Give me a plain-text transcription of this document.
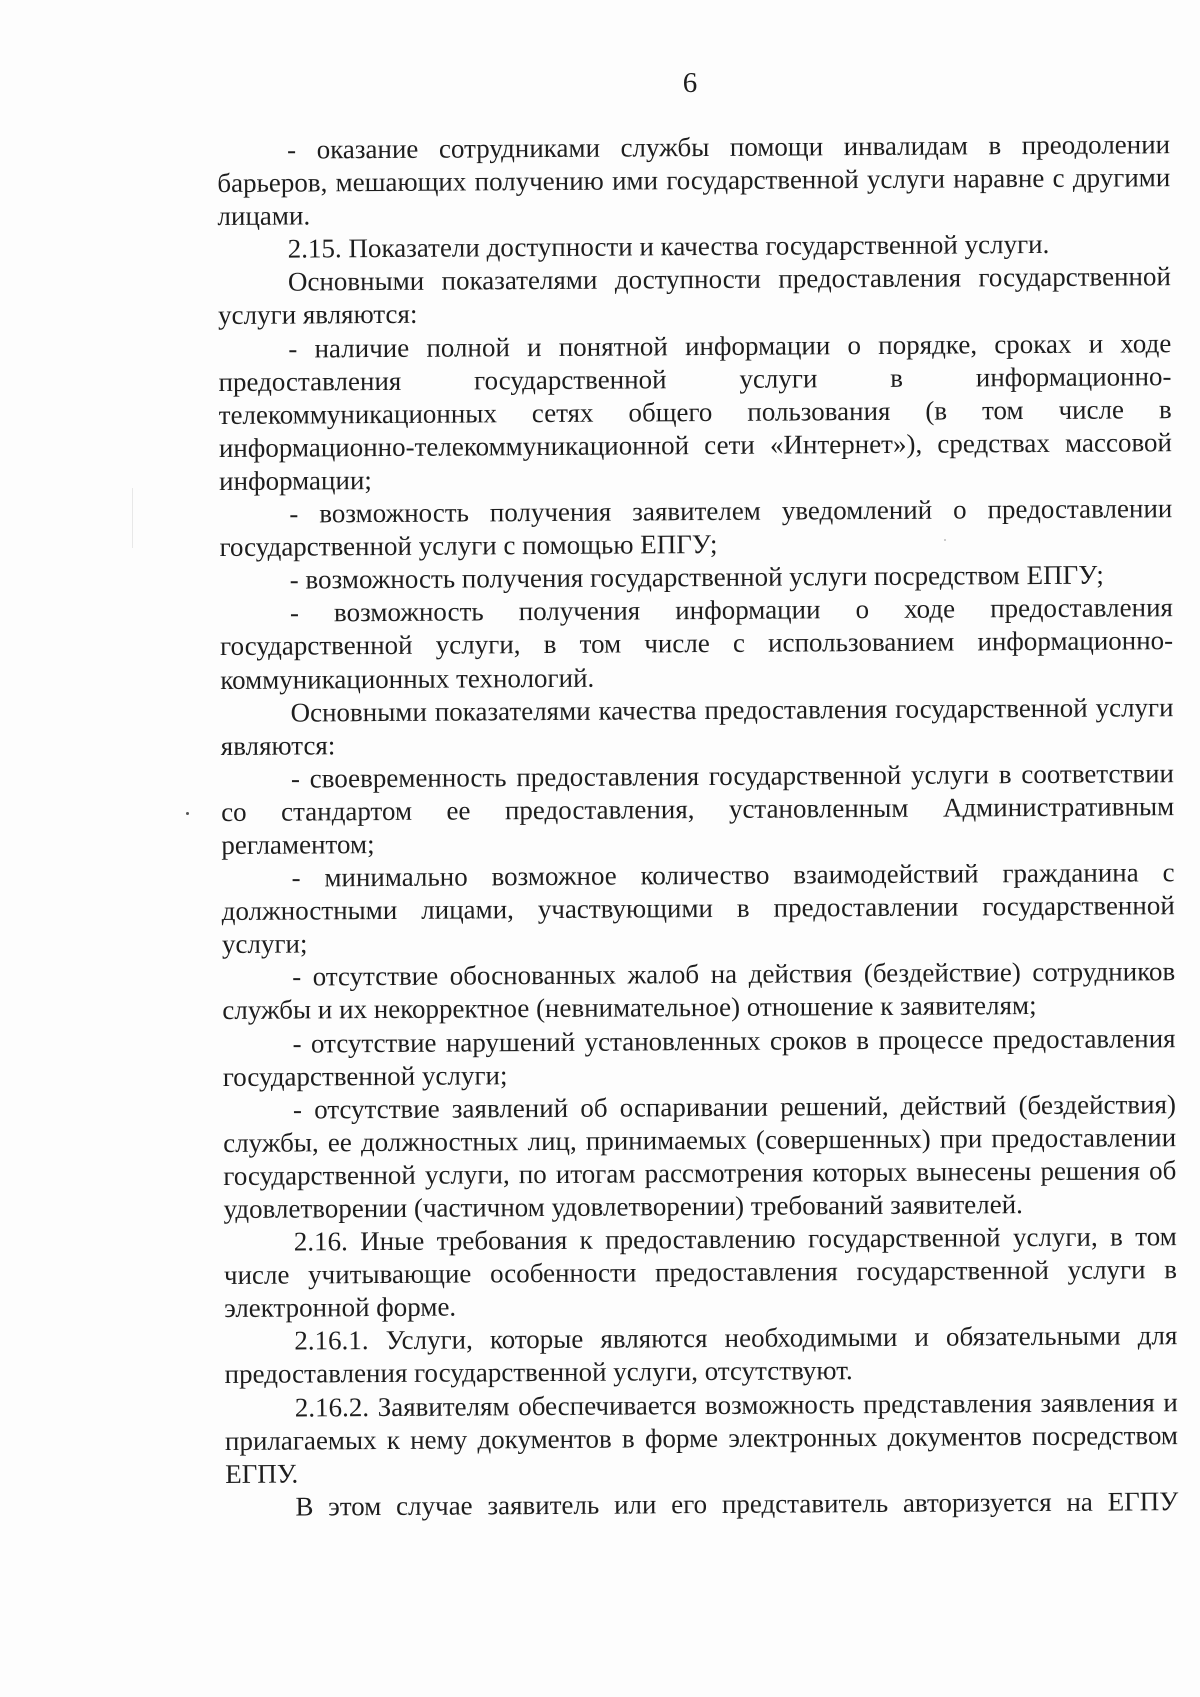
6

- оказание сотрудниками службы помощи инвалидам в преодолении барьеров, мешающих получению ими государственной услуги наравне с другими лицами.

2.15. Показатели доступности и качества государственной услуги.

Основными показателями доступности предоставления государственной услуги являются:

- наличие полной и понятной информации о порядке, сроках и ходе предоставления государственной услуги в информационно-телекоммуникационных сетях общего пользования (в том числе в информационно-телекоммуникационной сети «Интернет»), средствах массовой информации;

- возможность получения заявителем уведомлений о предоставлении государственной услуги с помощью ЕПГУ;

- возможность получения государственной услуги посредством ЕПГУ;

- возможность получения информации о ходе предоставления государственной услуги, в том числе с использованием информационно-коммуникационных технологий.

Основными показателями качества предоставления государственной услуги являются:

- своевременность предоставления государственной услуги в соответствии со стандартом ее предоставления, установленным Административным регламентом;

- минимально возможное количество взаимодействий гражданина с должностными лицами, участвующими в предоставлении государственной услуги;

- отсутствие обоснованных жалоб на действия (бездействие) сотрудников службы и их некорректное (невнимательное) отношение к заявителям;

- отсутствие нарушений установленных сроков в процессе предоставления государственной услуги;

- отсутствие заявлений об оспаривании решений, действий (бездействия) службы, ее должностных лиц, принимаемых (совершенных) при предоставлении государственной услуги, по итогам рассмотрения которых вынесены решения об удовлетворении (частичном удовлетворении) требований заявителей.

2.16. Иные требования к предоставлению государственной услуги, в том числе учитывающие особенности предоставления государственной услуги в электронной форме.

2.16.1. Услуги, которые являются необходимыми и обязательными для предоставления государственной услуги, отсутствуют.

2.16.2. Заявителям обеспечивается возможность представления заявления и прилагаемых к нему документов в форме электронных документов посредством ЕГПУ.

В этом случае заявитель или его представитель авторизуется на ЕГПУ
